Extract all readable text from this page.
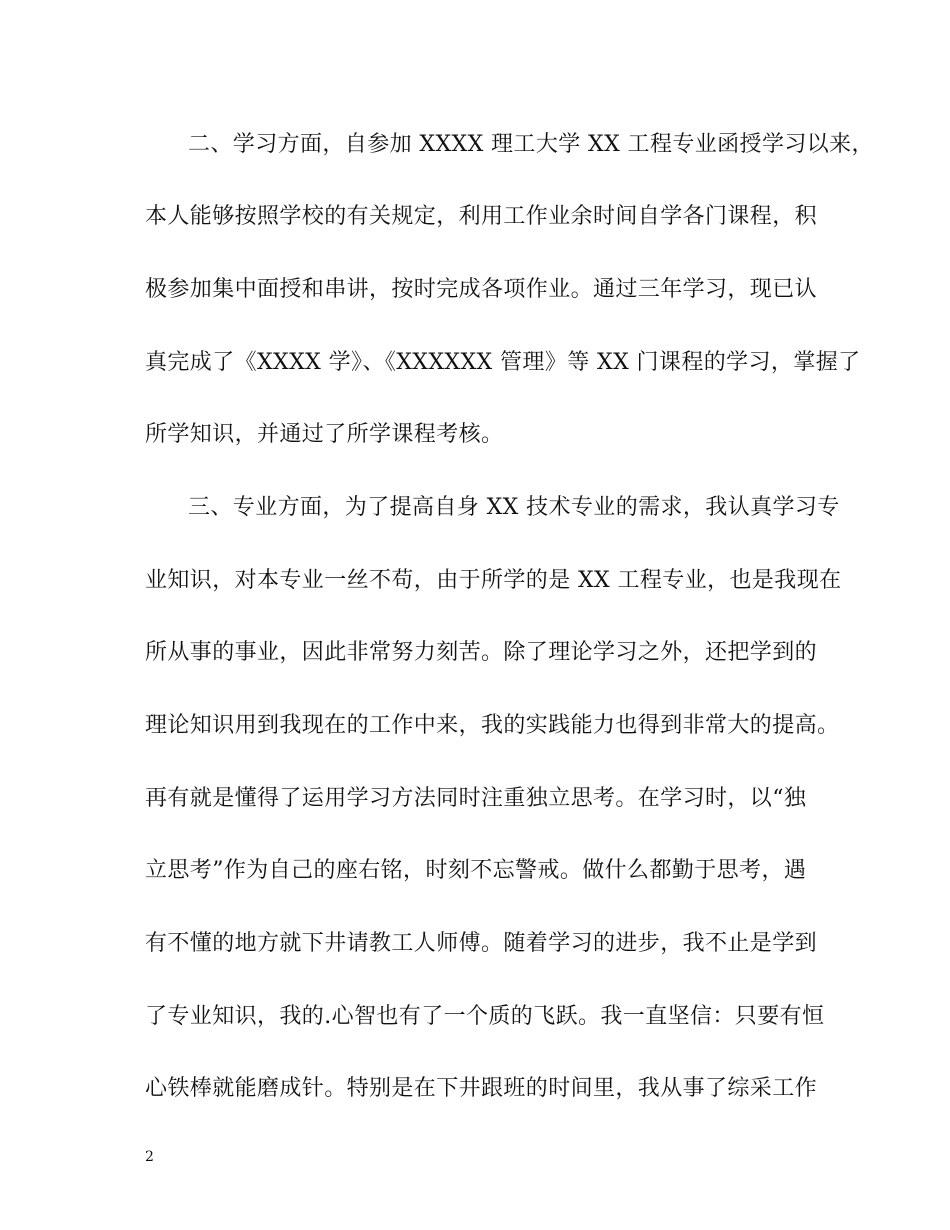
二、学习方面，自参加 XXXX 理工大学 XX 工程专业函授学习以来，
本人能够按照学校的有关规定，利用工作业余时间自学各门课程，积
极参加集中面授和串讲，按时完成各项作业。通过三年学习，现已认
真完成了《XXXX 学》、《XXXXXX 管理》等 XX 门课程的学习，掌握了
所学知识，并通过了所学课程考核。
三、专业方面，为了提高自身 XX 技术专业的需求，我认真学习专
业知识，对本专业一丝不苟，由于所学的是 XX 工程专业，也是我现在
所从事的事业，因此非常努力刻苦。除了理论学习之外，还把学到的
理论知识用到我现在的工作中来，我的实践能力也得到非常大的提高。
再有就是懂得了运用学习方法同时注重独立思考。在学习时，以“独
立思考”作为自己的座右铭，时刻不忘警戒。做什么都勤于思考，遇
有不懂的地方就下井请教工人师傅。随着学习的进步，我不止是学到
了专业知识，我的.心智也有了一个质的飞跃。我一直坚信：只要有恒
心铁棒就能磨成针。特别是在下井跟班的时间里，我从事了综采工作
2
